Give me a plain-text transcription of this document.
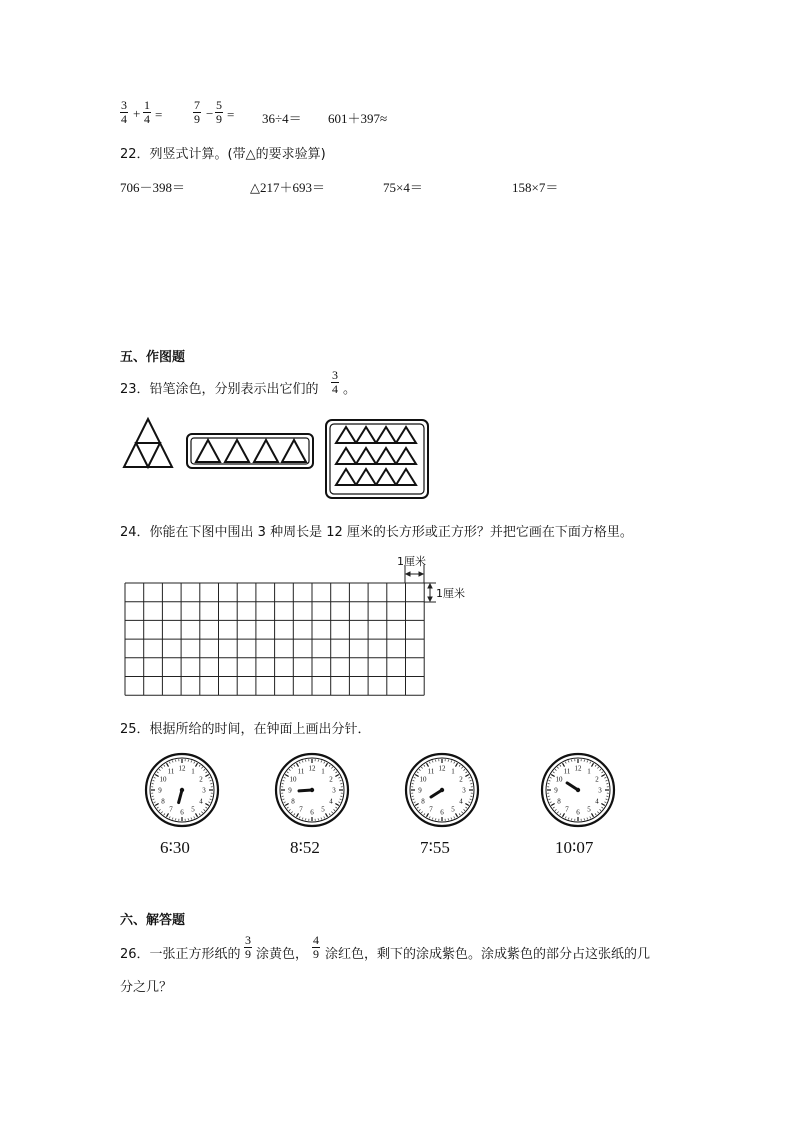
$\frac{3}{4} + \frac{1}{4}$ =	$\frac{7}{9} - \frac{5}{9} = 36\div 4= 601+397\approx$
22．列竖式计算。(带△的要求验算)
706－398＝	△217＋693＝	75×4＝	158×7＝
五、作图题
23．铅笔涂色，分别表示出它们的 $\frac{3}{4}$ 。
24．你能在下图中围出 3 种周长是 12 厘米的长方形或正方形？并把它画在下面方格里。
1厘米
1厘米
25．根据所给的时间，在钟面上画出分针．
12 1
2
3
4
5
6
7
8
9
10
11	12 1
2
3
4
5
6
7
8
9
10
11	12 1
2
3
4
5
6
7
8
9
10
11	12 1
2
3
4
5
6
7
8
9
10
11
6∶30	8∶52	7∶55	10∶07
六、解答题
26．一张正方形纸的 $\frac{3}{9}$ 涂黄色， $\frac{4}{9}$ 涂红色，剩下的涂成紫色。涂成紫色的部分占这张纸的几
分之几？
